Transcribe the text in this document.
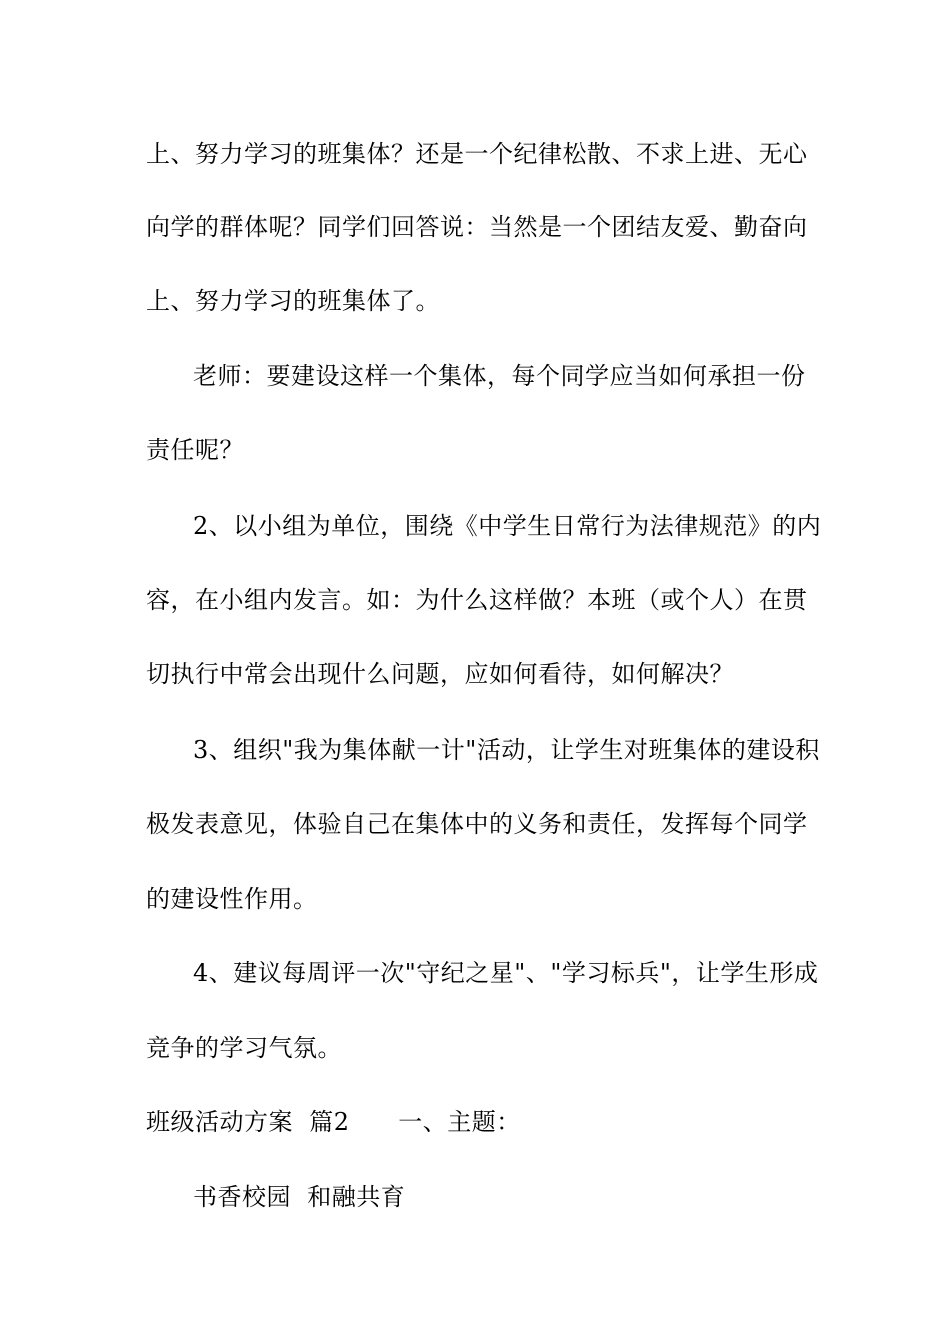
上、努力学习的班集体？还是一个纪律松散、不求上进、无心
向学的群体呢？同学们回答说：当然是一个团结友爱、勤奋向
上、努力学习的班集体了。
老师：要建设这样一个集体，每个同学应当如何承担一份
责任呢？
2、以小组为单位，围绕《中学生日常行为法律规范》的内
容，在小组内发言。如：为什么这样做？本班（或个人）在贯
切执行中常会出现什么问题，应如何看待，如何解决？
3、组织"我为集体献一计"活动，让学生对班集体的建设积
极发表意见，体验自己在集体中的义务和责任，发挥每个同学
的建设性作用。
4、建议每周评一次"守纪之星"、"学习标兵"，让学生形成
竞争的学习气氛。
班级活动方案  篇2      一、主题：
书香校园  和融共育
